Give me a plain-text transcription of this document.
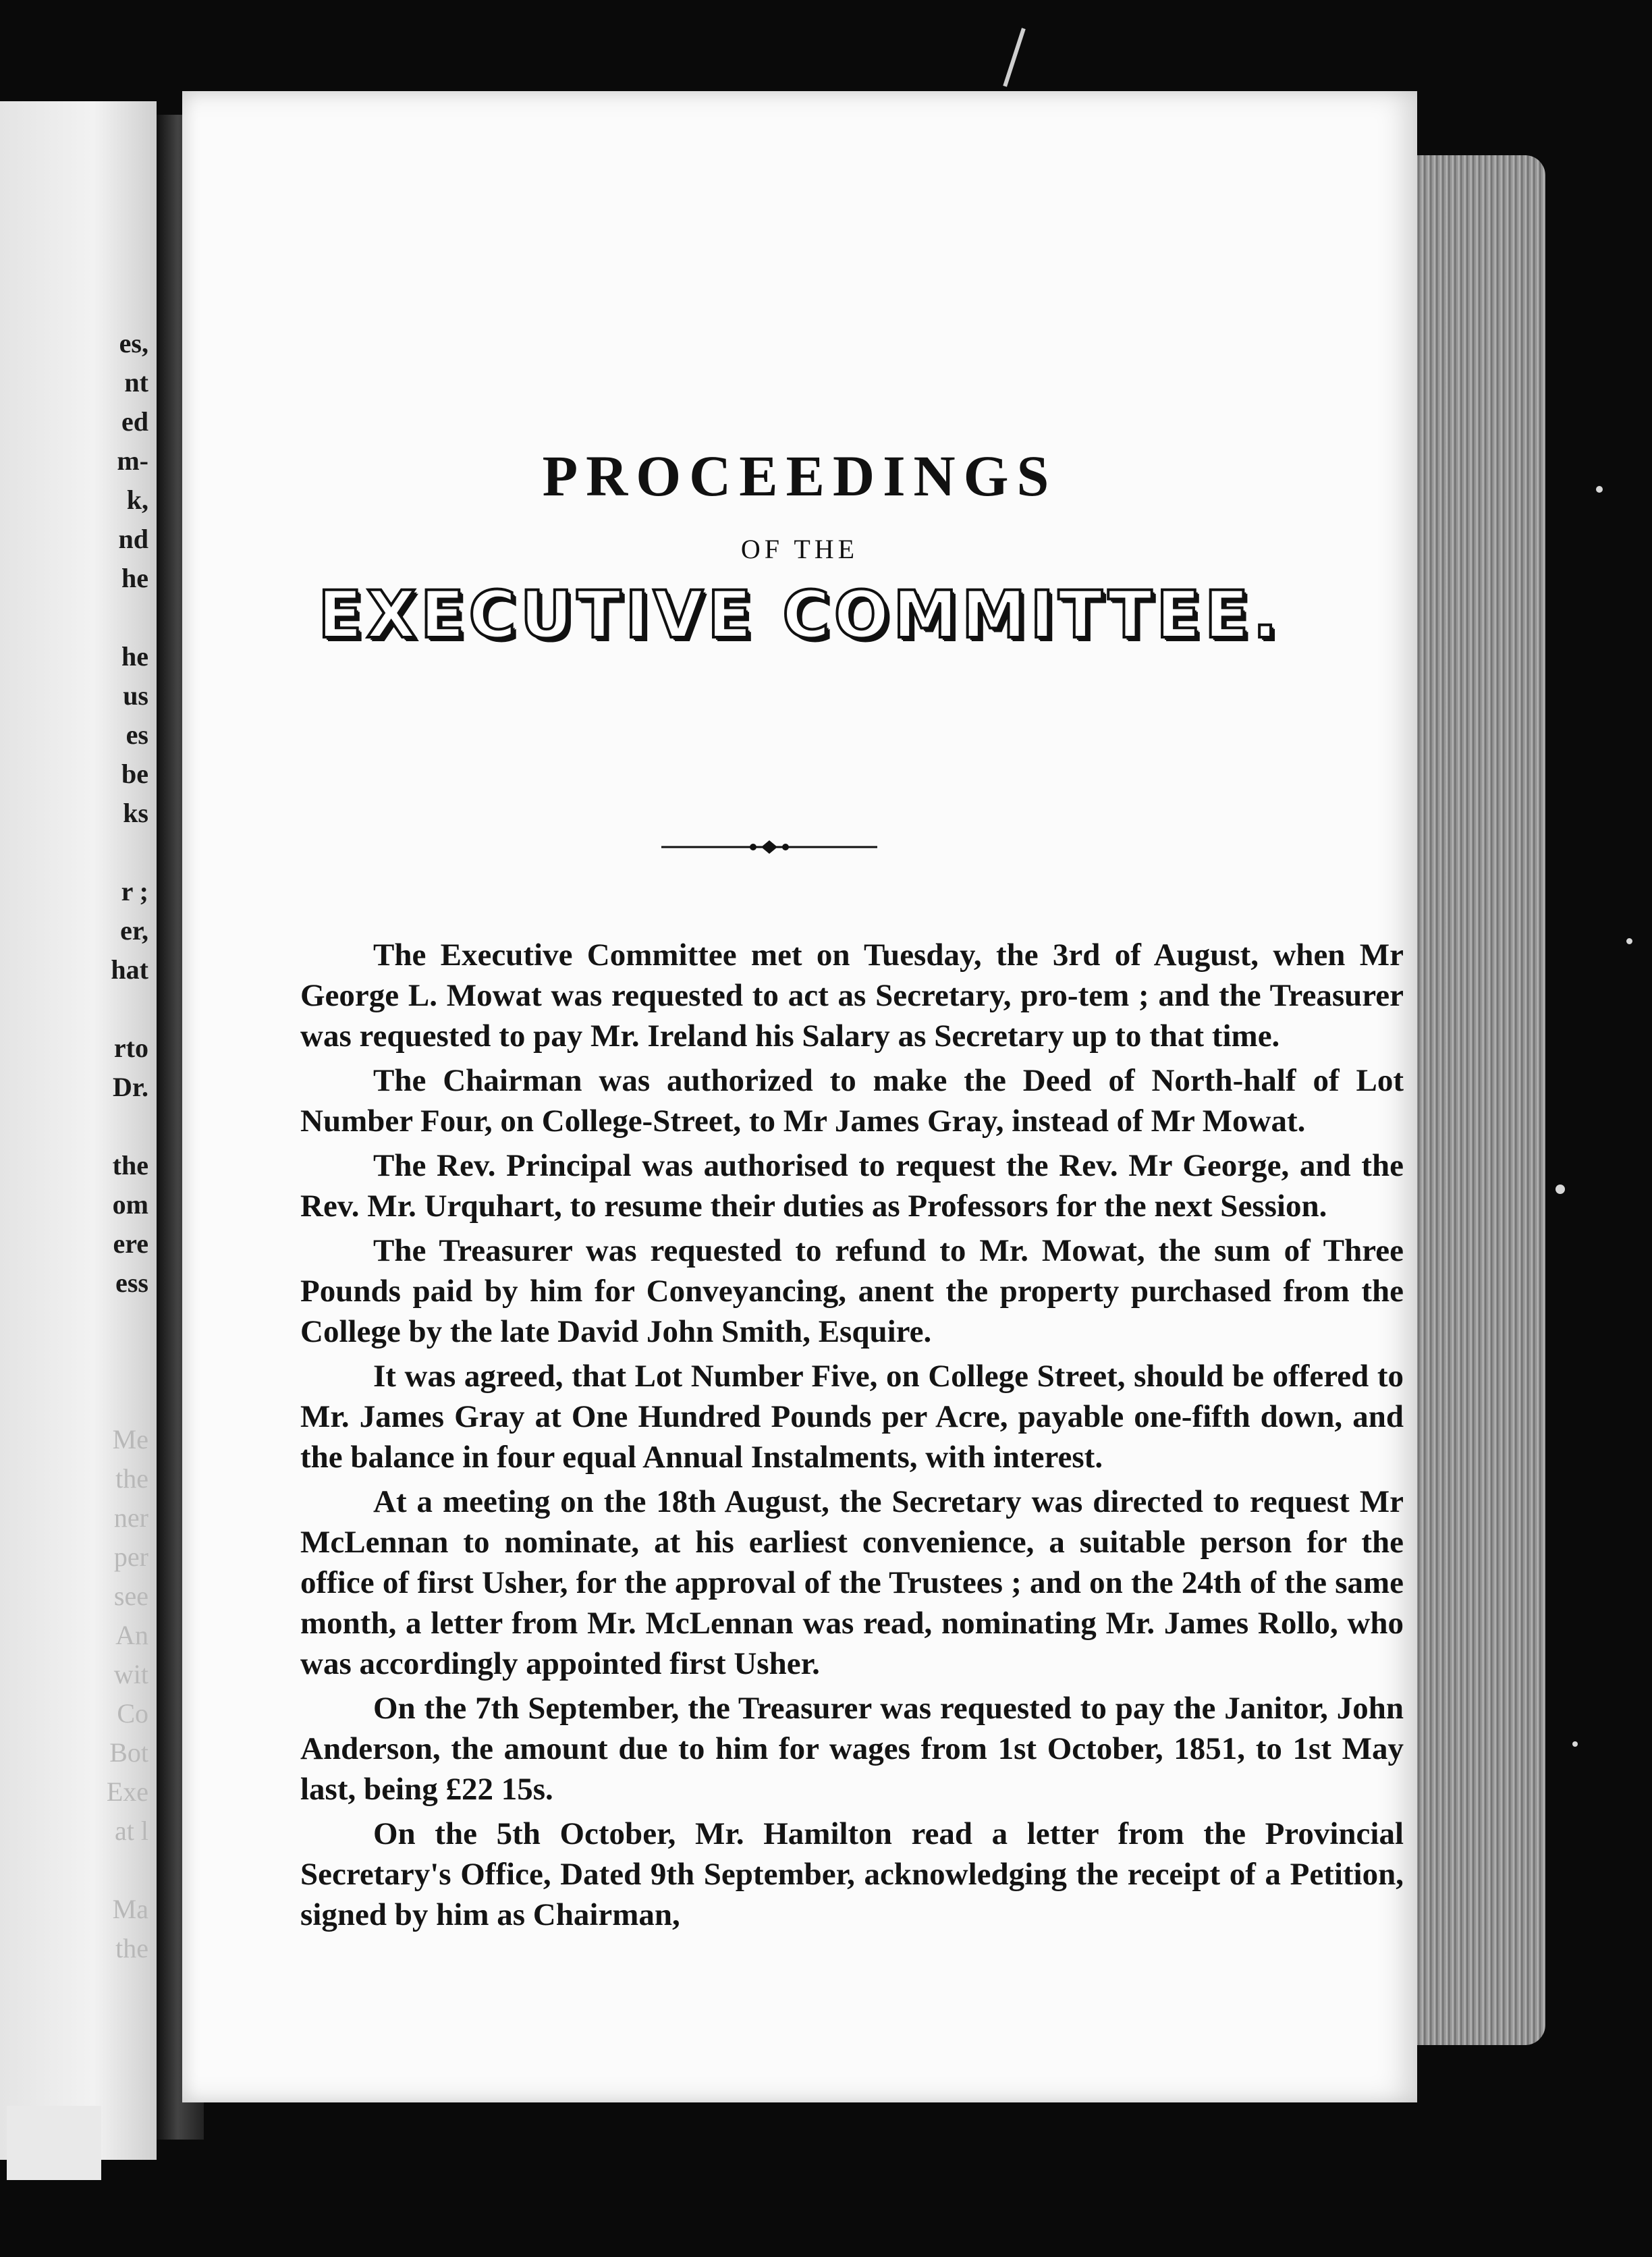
es,
nt
ed
m-
k,
nd
he
he
us
es
be
ks
r ;
er,
hat
rto
Dr.
the
om
ere
ess
Me
the
ner
per
see
An
wit
Co
Bot
Exe
at l
Ma
the
PROCEEDINGS
OF THE
EXECUTIVE COMMITTEE.

The Executive Committee met on Tuesday, the 3rd of August, when Mr George L. Mowat was requested to act as Secretary, pro-tem ; and the Treasurer was requested to pay Mr. Ireland his Salary as Secretary up to that time.

The Chairman was authorized to make the Deed of North-half of Lot Number Four, on College-Street, to Mr James Gray, instead of Mr Mowat.

The Rev. Principal was authorised to request the Rev. Mr George, and the Rev. Mr. Urquhart, to resume their duties as Professors for the next Session.

The Treasurer was requested to refund to Mr. Mowat, the sum of Three Pounds paid by him for Conveyancing, anent the property purchased from the College by the late David John Smith, Esquire.

It was agreed, that Lot Number Five, on College Street, should be offered to Mr. James Gray at One Hundred Pounds per Acre, payable one-fifth down, and the balance in four equal Annual Instalments, with interest.

At a meeting on the 18th August, the Secretary was directed to request Mr McLennan to nominate, at his earliest convenience, a suitable person for the office of first Usher, for the approval of the Trustees ; and on the 24th of the same month, a letter from Mr. McLennan was read, nominating Mr. James Rollo, who was accordingly appointed first Usher.

On the 7th September, the Treasurer was requested to pay the Janitor, John Anderson, the amount due to him for wages from 1st October, 1851, to 1st May last, being £22 15s.

On the 5th October, Mr. Hamilton read a letter from the Provincial Secretary's Office, Dated 9th September, acknowledging the receipt of a Petition, signed by him as Chairman,
